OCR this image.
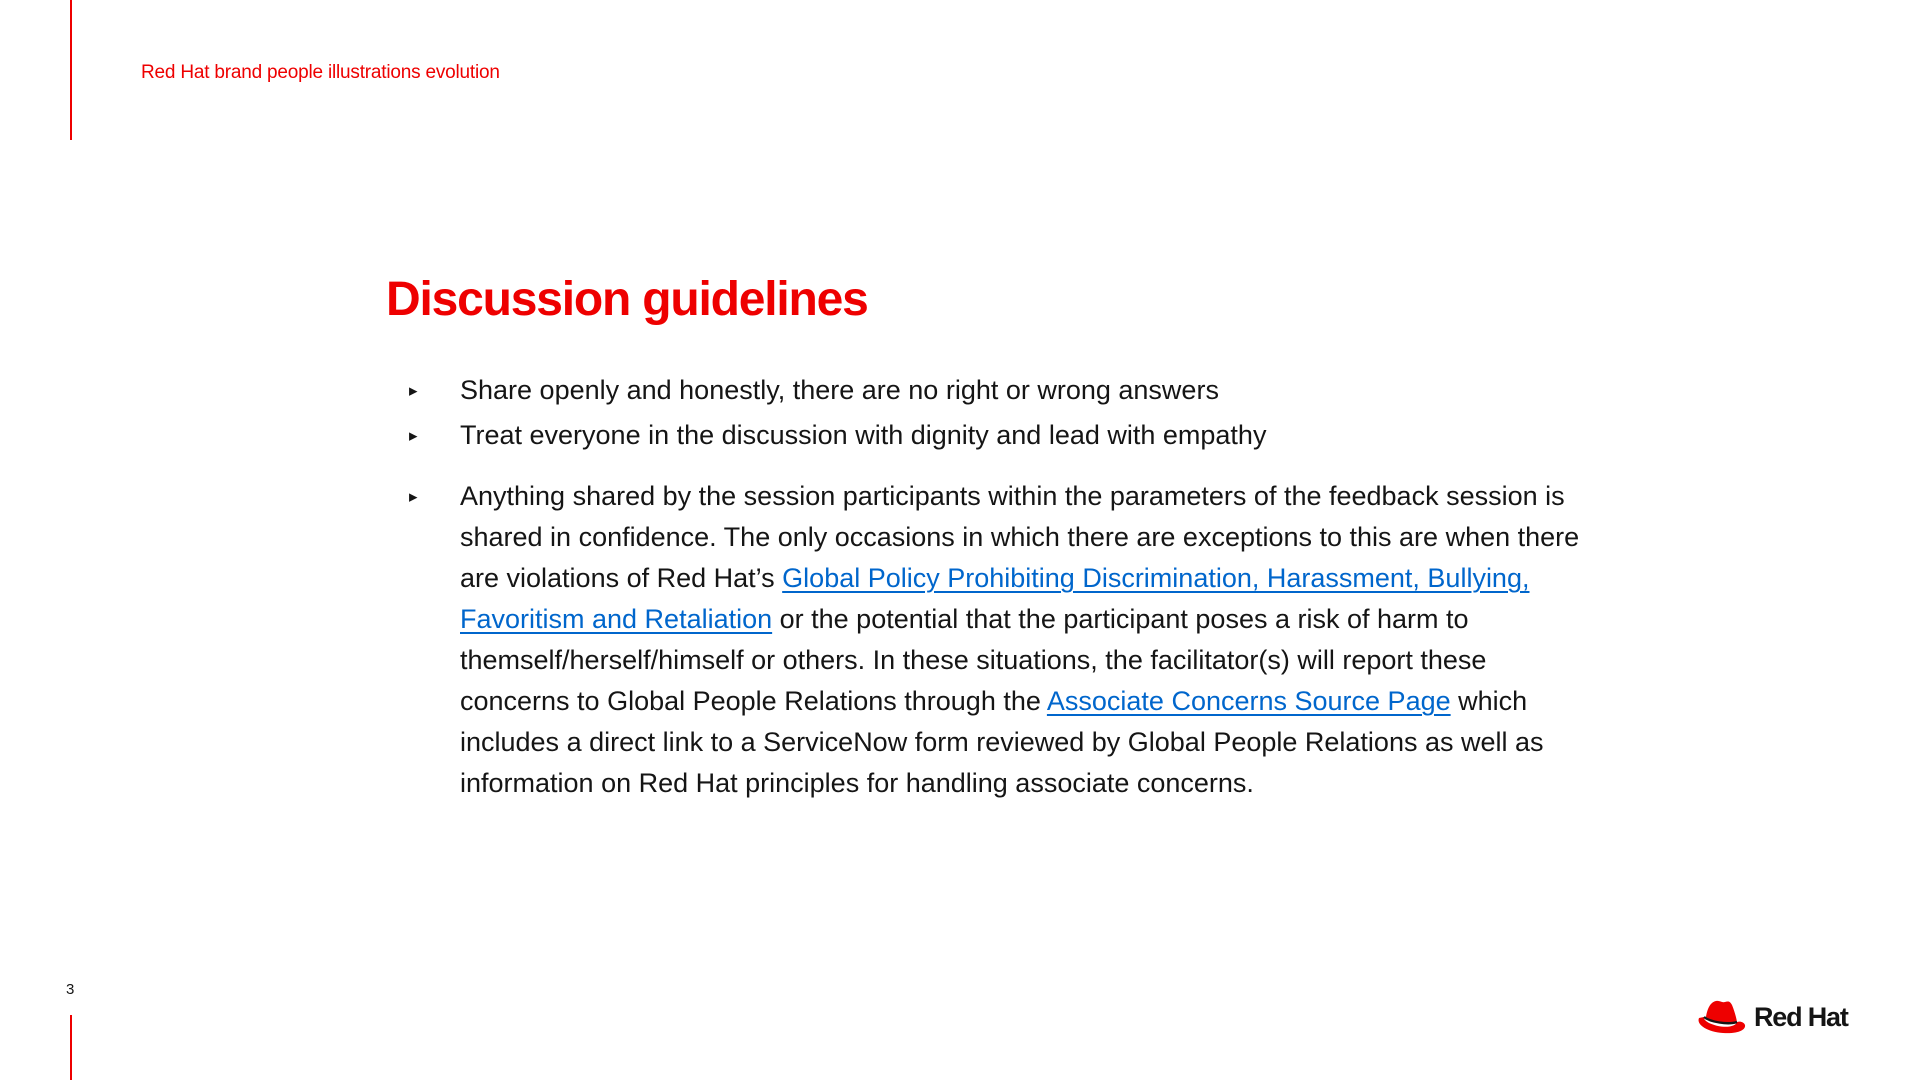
Red Hat brand people illustrations evolution
Discussion guidelines
▸ Share openly and honestly, there are no right or wrong answers
▸ Treat everyone in the discussion with dignity and lead with empathy
▸ Anything shared by the session participants within the parameters of the feedback session is shared in confidence. The only occasions in which there are exceptions to this are when there are violations of Red Hat’s Global Policy Prohibiting Discrimination, Harassment, Bullying, Favoritism and Retaliation or the potential that the participant poses a risk of harm to themself/herself/himself or others. In these situations, the facilitator(s) will report these concerns to Global People Relations through the Associate Concerns Source Page which includes a direct link to a ServiceNow form reviewed by Global People Relations as well as information on Red Hat principles for handling associate concerns.
3
Red Hat
